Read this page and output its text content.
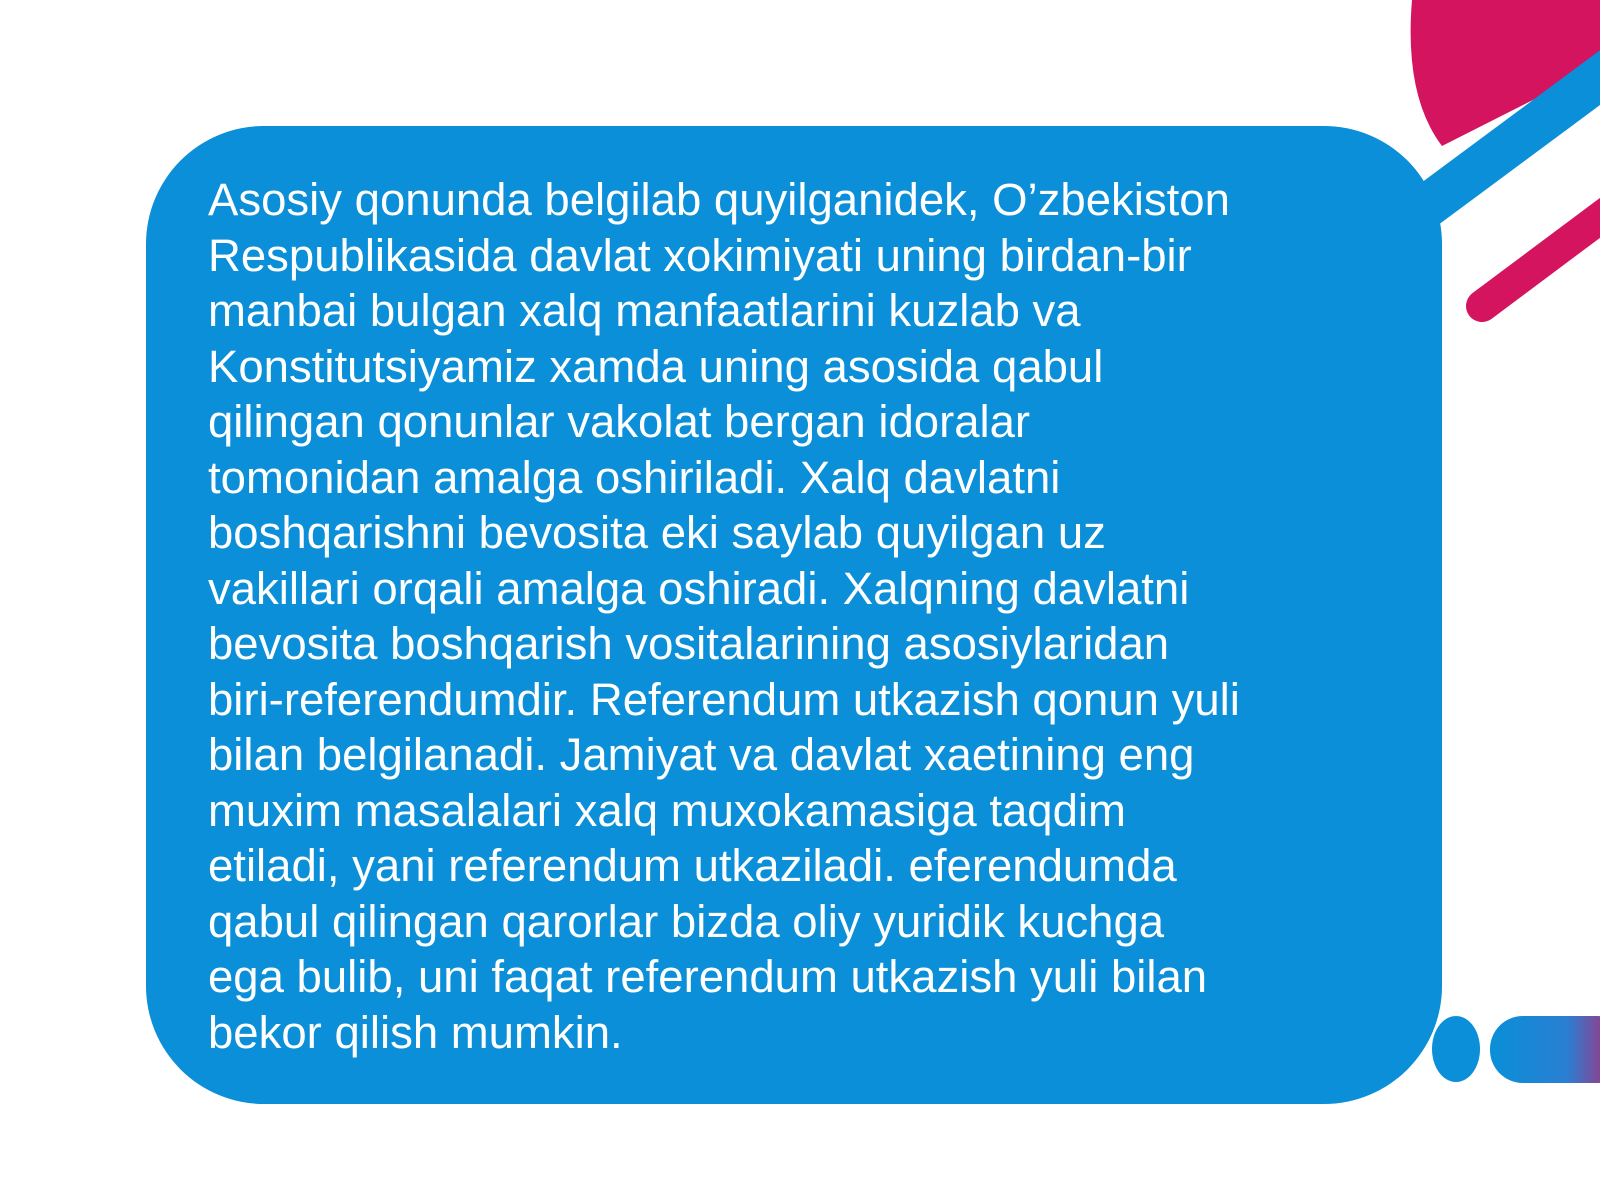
Asosiy qonunda belgilab quyilganidek, O’zbekiston
Respublikasida davlat xokimiyati uning birdan-bir
manbai bulgan xalq manfaatlarini kuzlab va
Konstitutsiyamiz xamda uning asosida qabul
qilingan qonunlar vakolat bergan idoralar
tomonidan amalga oshiriladi. Xalq davlatni
boshqarishni bevosita eki saylab quyilgan uz
vakillari orqali amalga oshiradi. Xalqning davlatni
bevosita boshqarish vositalarining asosiylaridan
biri-referendumdir. Referendum utkazish qonun yuli
bilan belgilanadi. Jamiyat va davlat xaetining eng
muxim masalalari xalq muxokamasiga taqdim
etiladi, yani referendum utkaziladi. eferendumda
qabul qilingan qarorlar bizda oliy yuridik kuchga
ega bulib, uni faqat referendum utkazish yuli bilan
bekor qilish mumkin.
